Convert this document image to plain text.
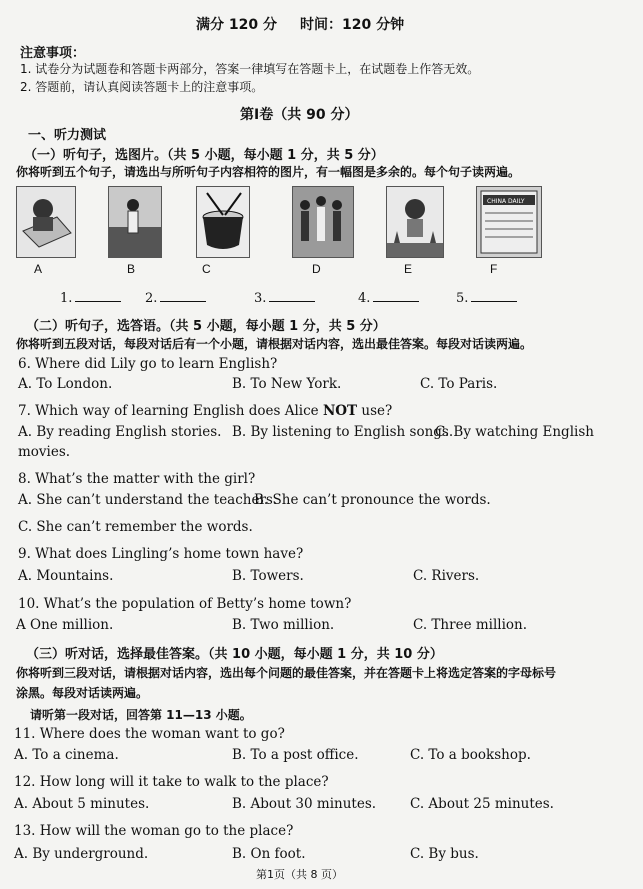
满分 120 分 时间：120 分钟
注意事项：
1. 试卷分为试题卷和答题卡两部分，答案一律填写在答题卡上，在试题卷上作答无效。
2. 答题前，请认真阅读答题卡上的注意事项。
第Ⅰ卷（共 90 分）
一、听力测试
（一）听句子，选图片。（共 5 小题，每小题 1 分，共 5 分）
你将听到五个句子，请选出与所听句子内容相符的图片，有一幅图是多余的。每个句子读两遍。
CHINA DAILY
A	B	C	D	E	F
1.	2.	3.	4.	5.
（二）听句子，选答语。（共 5 小题，每小题 1 分，共 5 分）
你将听到五段对话，每段对话后有一个小题，请根据对话内容，选出最佳答案。每段对话读两遍。
6. Where did Lily go to learn English?
A. To London.	B. To New York.	C. To Paris.
7. Which way of learning English does Alice NOT use?
A. By reading English stories. B. By listening to English songs.
C. By watching English
movies.
8. What’s the matter with the girl?
A. She can’t understand the teachers.
B. She can’t pronounce the words.
C. She can’t remember the words.
9. What does Lingling’s home town have?
A. Mountains.	B. Towers.	C. Rivers.
10. What’s the population of Betty’s home town?
A One million.	B. Two million.	C. Three million.
（三）听对话，选择最佳答案。（共 10 小题，每小题 1 分，共 10 分）
你将听到三段对话，请根据对话内容，选出每个问题的最佳答案，并在答题卡上将选定答案的字母标号
涂黑。每段对话读两遍。
请听第一段对话，回答第 11—13 小题。
11. Where does the woman want to go?
A. To a cinema.	B. To a post office.	C. To a bookshop.
12. How long will it take to walk to the place?
A. About 5 minutes.	B. About 30 minutes.	C. About 25 minutes.
13. How will the woman go to the place?
A. By underground.	B. On foot.	C. By bus.
第1页（共 8 页）
